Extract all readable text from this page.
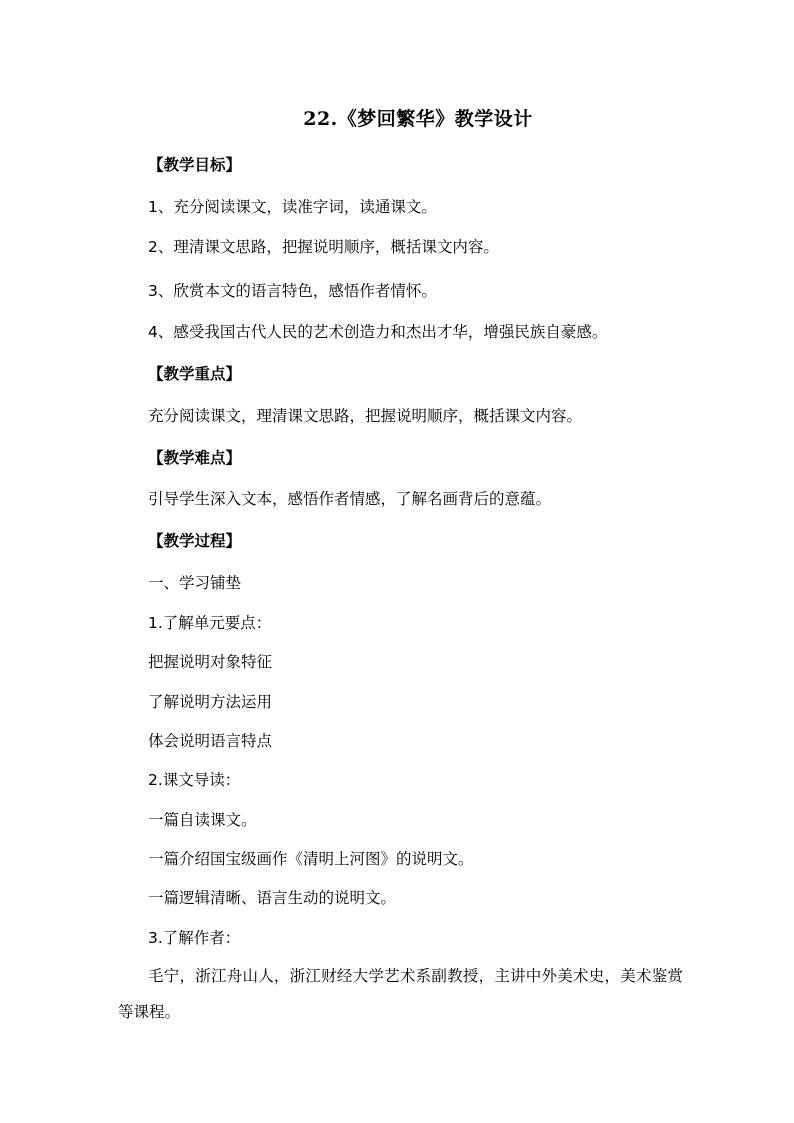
22.《梦回繁华》教学设计
【教学目标】
1、充分阅读课文，读准字词，读通课文。
2、理清课文思路，把握说明顺序，概括课文内容。
3、欣赏本文的语言特色，感悟作者情怀。
4、感受我国古代人民的艺术创造力和杰出才华，增强民族自豪感。
【教学重点】
充分阅读课文，理清课文思路，把握说明顺序，概括课文内容。
【教学难点】
引导学生深入文本，感悟作者情感，了解名画背后的意蕴。
【教学过程】
一、学习铺垫
1.了解单元要点：
把握说明对象特征
了解说明方法运用
体会说明语言特点
2.课文导读：
一篇自读课文。
一篇介绍国宝级画作《清明上河图》的说明文。
一篇逻辑清晰、语言生动的说明文。
3.了解作者：
毛宁，浙江舟山人，浙江财经大学艺术系副教授，主讲中外美术史，美术鉴赏等课程。
